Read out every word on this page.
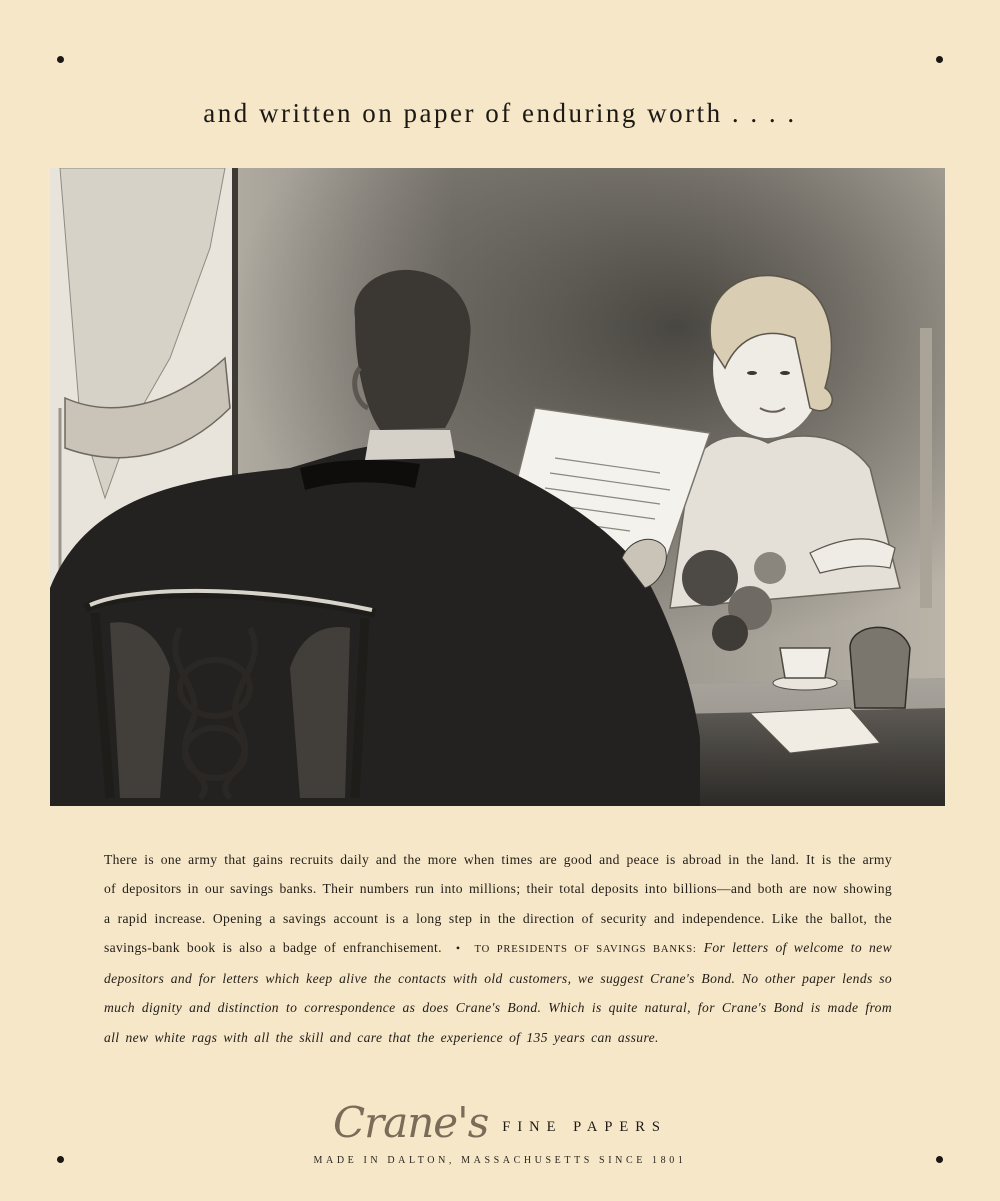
and written on paper of enduring worth . . . .
There is one army that gains recruits daily and the more when times are good and peace is abroad in the land. It is the army of depositors in our savings banks. Their numbers run into millions; their total deposits into billions—and both are now showing a rapid increase. Opening a savings account is a long step in the direction of security and independence. Like the ballot, the savings-bank book is also a badge of enfranchisement. • TO PRESIDENTS OF SAVINGS BANKS: For letters of welcome to new depositors and for letters which keep alive the contacts with old customers, we suggest Crane's Bond. No other paper lends so much dignity and distinction to correspondence as does Crane's Bond. Which is quite natural, for Crane's Bond is made from all new white rags with all the skill and care that the experience of 135 years can assure.
Crane's FINE PAPERS
MADE IN DALTON, MASSACHUSETTS SINCE 1801
